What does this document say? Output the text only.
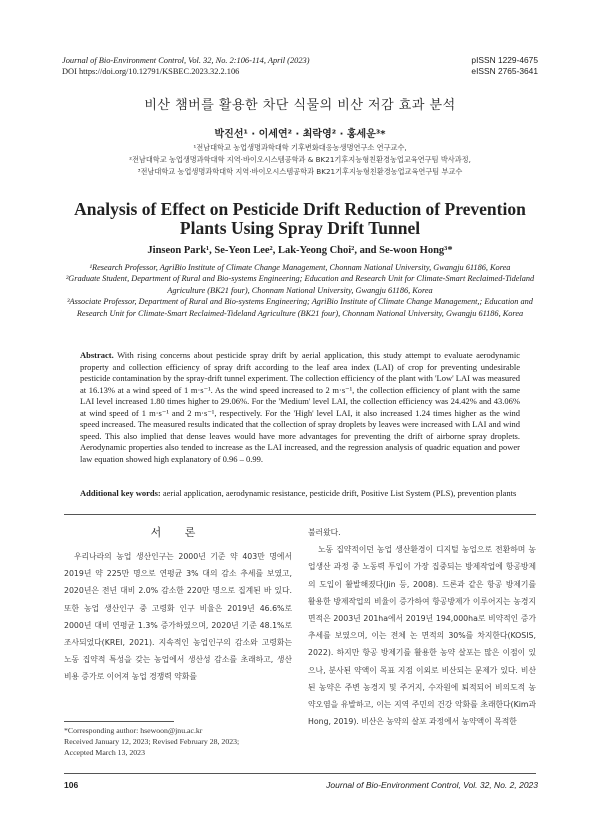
Journal of Bio-Environment Control, Vol. 32, No. 2:106-114, April (2023)
DOI https://doi.org/10.12791/KSBEC.2023.32.2.106
pISSN 1229-4675
eISSN 2765-3641
비산 챔버를 활용한 차단 식물의 비산 저감 효과 분석
박진선¹ · 이세연² · 최락영² · 홍세운³*
¹전남대학교 농업생명과학대학 기후변화대응농생명연구소 연구교수,
²전남대학교 농업생명과학대학 지역·바이오시스템공학과 & BK21기후지능형친환경농업교육연구팀 박사과정,
³전남대학교 농업생명과학대학 지역·바이오시스템공학과 BK21기후지능형친환경농업교육연구팀 부교수
Analysis of Effect on Pesticide Drift Reduction of Prevention Plants Using Spray Drift Tunnel
Jinseon Park¹, Se-Yeon Lee², Lak-Yeong Choi², and Se-woon Hong³*
¹Research Professor, AgriBio Institute of Climate Change Management, Chonnam National University, Gwangju 61186, Korea
²Graduate Student, Department of Rural and Bio-systems Engineering; Education and Research Unit for Climate-Smart Reclaimed-Tideland Agriculture (BK21 four), Chonnam National University, Gwangju 61186, Korea
³Associate Professor, Department of Rural and Bio-systems Engineering; AgriBio Institute of Climate Change Management,; Education and Research Unit for Climate-Smart Reclaimed-Tideland Agriculture (BK21 four), Chonnam National University, Gwangju 61186, Korea
Abstract. With rising concerns about pesticide spray drift by aerial application, this study attempt to evaluate aerodynamic property and collection efficiency of spray drift according to the leaf area index (LAI) of crop for preventing undesirable pesticide contamination by the spray-drift tunnel experiment. The collection efficiency of the plant with 'Low' LAI was measured at 16.13% at a wind speed of 1 m·s⁻¹. As the wind speed increased to 2 m·s⁻¹, the collection efficiency of plant with the same LAI level increased 1.80 times higher to 29.06%. For the 'Medium' level LAI, the collection efficiency was 24.42% and 43.06% at wind speed of 1 m·s⁻¹ and 2 m·s⁻¹, respectively. For the 'High' level LAI, it also increased 1.24 times higher as the wind speed increased. The measured results indicated that the collection of spray droplets by leaves were increased with LAI and wind speed. This also implied that dense leaves would have more advantages for preventing the drift of airborne spray droplets. Aerodynamic properties also tended to increase as the LAI increased, and the regression analysis of quadric equation and power law equation showed high explanatory of 0.96 – 0.99.
Additional key words: aerial application, aerodynamic resistance, pesticide drift, Positive List System (PLS), prevention plants
서 론

우리나라의 농업 생산인구는 2000년 기준 약 403만 명에서 2019년 약 225만 명으로 연평균 3% 대의 감소 추세를 보였고, 2020년은 전년 대비 2.0% 감소한 220만 명으로 집계된 바 있다. 또한 농업 생산인구 중 고령화 인구 비율은 2019년 46.6%로 2000년 대비 연평균 1.3% 증가하였으며, 2020년 기준 48.1%로 조사되었다(KREI, 2021). 지속적인 농업인구의 감소와 고령화는 노동 집약적 특성을 갖는 농업에서 생산성 감소를 초래하고, 생산 비용 증가로 이어져 농업 경쟁력 약화를

불러왔다.

노동 집약적이던 농업 생산환경이 디지털 농업으로 전환하며 농업생산 과정 중 노동력 투입이 가장 집중되는 방제작업에 항공방제의 도입이 활발해졌다(Jin 등, 2008). 드론과 같은 항공 방제기를 활용한 방제작업의 비율이 증가하여 항공방제가 이루어지는 농경지 면적은 2003년 201ha에서 2019년 194,000ha로 비약적인 증가 추세를 보였으며, 이는 전체 논 면적의 30%를 차지한다(KOSIS, 2022). 하지만 항공 방제기를 활용한 농약 살포는 많은 이점이 있으나, 분사된 약액이 목표 지점 이외로 비산되는 문제가 있다. 비산된 농약은 주변 농경지 및 주거지, 수자원에 퇴적되어 비의도적 농약오염을 유발하고, 이는 지역 주민의 건강 악화를 초래한다(Kim과 Hong, 2019). 비산은 농약의 살포 과정에서 농약액이 목적한

*Corresponding author: hsewoon@jnu.ac.kr
Received January 12, 2023; Revised February 28, 2023;
Accepted March 13, 2023
106	Journal of Bio-Environment Control, Vol. 32, No. 2, 2023
